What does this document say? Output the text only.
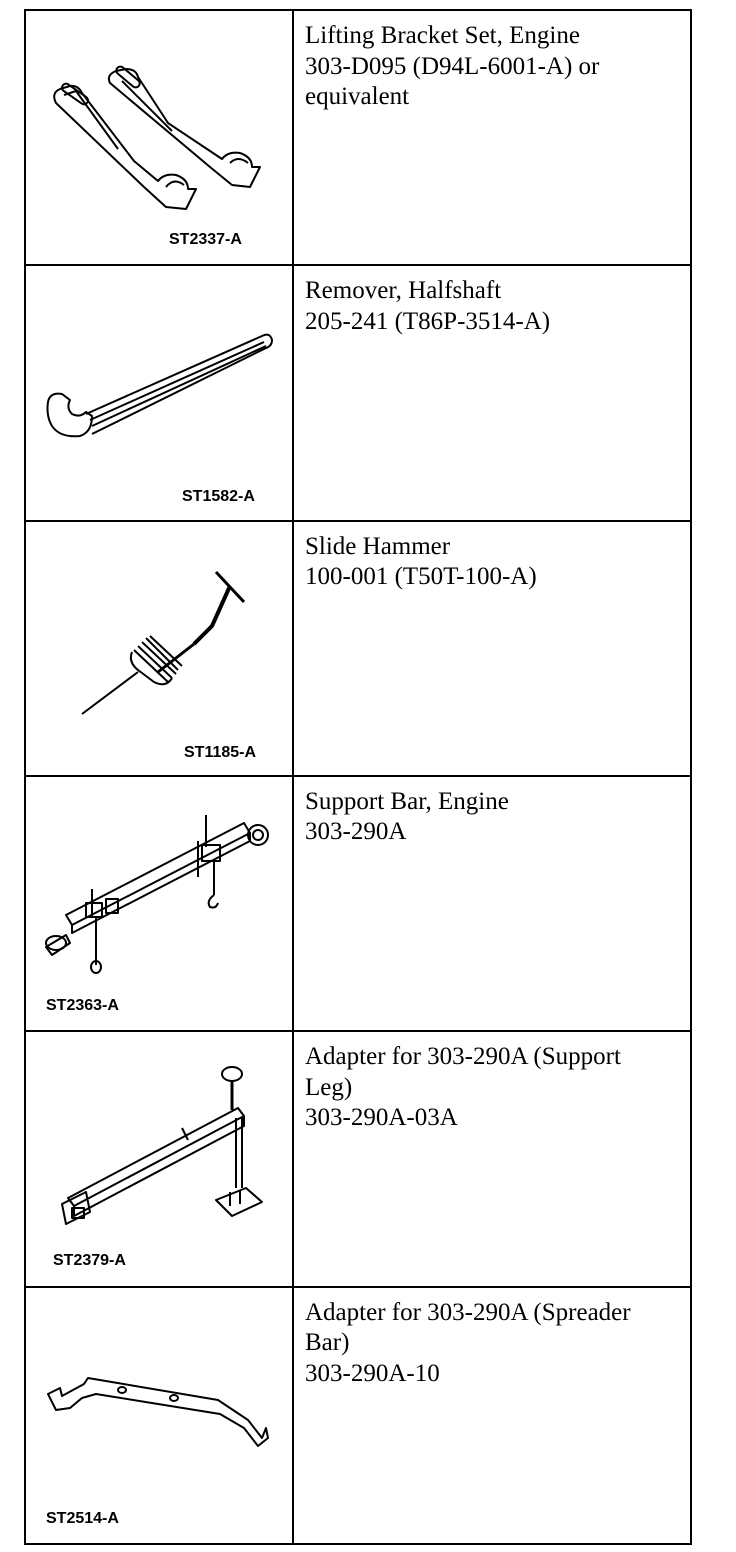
ST2337-A
Lifting Bracket Set, Engine
303-D095 (D94L-6001-A) or
equivalent
ST1582-A
Remover, Halfshaft
205-241 (T86P-3514-A)
ST1185-A
Slide Hammer
100-001 (T50T-100-A)
ST2363-A
Support Bar, Engine
303-290A
ST2379-A
Adapter for 303-290A (Support
Leg)
303-290A-03A
ST2514-A
Adapter for 303-290A (Spreader
Bar)
303-290A-10
